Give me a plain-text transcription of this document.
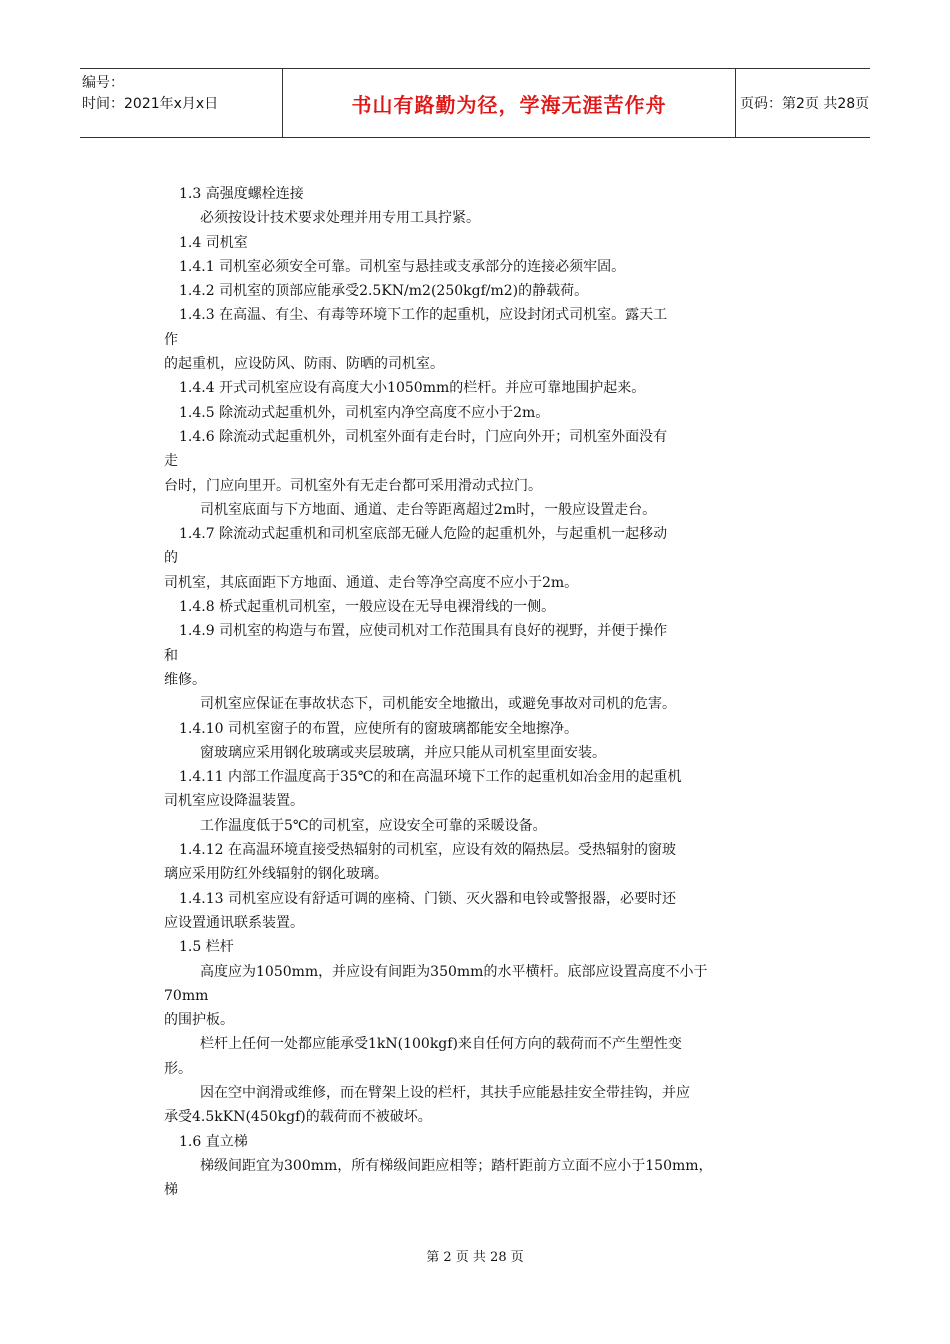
编号：
时间：2021年x月x日	书山有路勤为径，学海无涯苦作舟	页码：第2页 共28页

1.3 高强度螺栓连接

必须按设计技术要求处理并用专用工具拧紧。

1.4 司机室

1.4.1 司机室必须安全可靠。司机室与悬挂或支承部分的连接必须牢固。

1.4.2 司机室的顶部应能承受2.5KN/m2(250kgf/m2)的静载荷。

1.4.3 在高温、有尘、有毒等环境下工作的起重机，应设封闭式司机室。露天工

作

的起重机，应设防风、防雨、防晒的司机室。

1.4.4 开式司机室应设有高度大小1050mm的栏杆。并应可靠地围护起来。

1.4.5 除流动式起重机外，司机室内净空高度不应小于2m。

1.4.6 除流动式起重机外，司机室外面有走台时，门应向外开；司机室外面没有

走

台时，门应向里开。司机室外有无走台都可采用滑动式拉门。

司机室底面与下方地面、通道、走台等距离超过2m时，一般应设置走台。

1.4.7 除流动式起重机和司机室底部无碰人危险的起重机外，与起重机一起移动

的

司机室，其底面距下方地面、通道、走台等净空高度不应小于2m。

1.4.8 桥式起重机司机室，一般应设在无导电裸滑线的一侧。

1.4.9 司机室的构造与布置，应使司机对工作范围具有良好的视野，并便于操作

和

维修。

司机室应保证在事故状态下，司机能安全地撤出，或避免事故对司机的危害。

1.4.10 司机室窗子的布置，应使所有的窗玻璃都能安全地擦净。

窗玻璃应采用钢化玻璃或夹层玻璃，并应只能从司机室里面安装。

1.4.11 内部工作温度高于35℃的和在高温环境下工作的起重机如冶金用的起重机

司机室应设降温装置。

工作温度低于5℃的司机室，应设安全可靠的采暖设备。

1.4.12 在高温环境直接受热辐射的司机室，应设有效的隔热层。受热辐射的窗玻

璃应采用防红外线辐射的钢化玻璃。

1.4.13 司机室应设有舒适可调的座椅、门锁、灭火器和电铃或警报器，必要时还

应设置通讯联系装置。

1.5 栏杆

高度应为1050mm，并应设有间距为350mm的水平横杆。底部应设置高度不小于

70mm

的围护板。

栏杆上任何一处都应能承受1kN(100kgf)来自任何方向的载荷而不产生塑性变

形。

因在空中润滑或维修，而在臂架上设的栏杆，其扶手应能悬挂安全带挂钩，并应

承受4.5kKN(450kgf)的载荷而不被破坏。

1.6 直立梯

梯级间距宜为300mm，所有梯级间距应相等；踏杆距前方立面不应小于150mm，

梯

第 2 页 共 28 页
